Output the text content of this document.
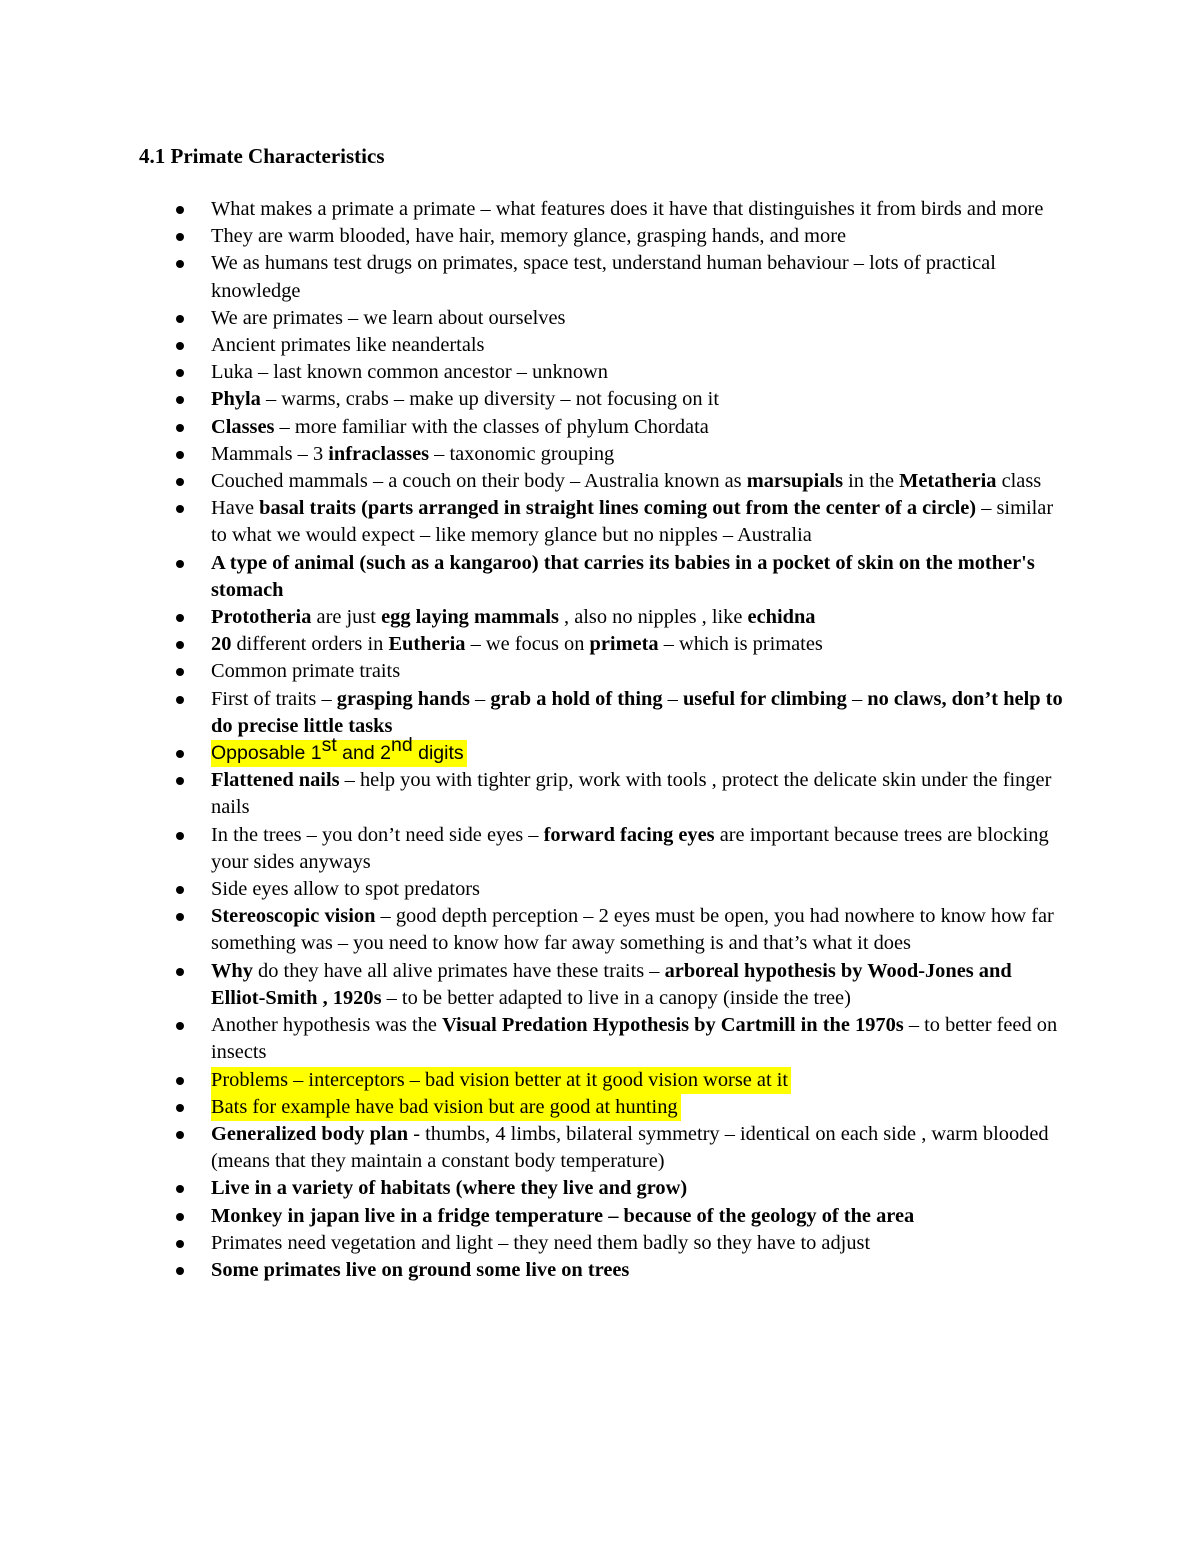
4.1 Primate Characteristics
What makes a primate a primate – what features does it have that distinguishes it from birds and more
They are warm blooded, have hair, memory glance, grasping hands, and more
We as humans test drugs on primates, space test, understand human behaviour – lots of practical knowledge
We are primates – we learn about ourselves
Ancient primates like neandertals
Luka – last known common ancestor – unknown
Phyla – warms, crabs – make up diversity – not focusing on it
Classes – more familiar with the classes of phylum Chordata
Mammals – 3 infraclasses – taxonomic grouping
Couched mammals – a couch on their body – Australia known as marsupials in the Metatheria class
Have basal traits (parts arranged in straight lines coming out from the center of a circle) – similar to what we would expect – like memory glance but no nipples – Australia
A type of animal (such as a kangaroo) that carries its babies in a pocket of skin on the mother's stomach
Prototheria are just egg laying mammals , also no nipples , like echidna
20 different orders in Eutheria – we focus on primeta – which is primates
Common primate traits
First of traits – grasping hands – grab a hold of thing – useful for climbing – no claws, don’t help to do precise little tasks
Opposable 1st and 2nd digits
Flattened nails – help you with tighter grip, work with tools , protect the delicate skin under the finger nails
In the trees – you don’t need side eyes – forward facing eyes are important because trees are blocking your sides anyways
Side eyes allow to spot predators
Stereoscopic vision – good depth perception – 2 eyes must be open, you had nowhere to know how far something was – you need to know how far away something is and that’s what it does
Why do they have all alive primates have these traits – arboreal hypothesis by Wood-Jones and Elliot-Smith , 1920s – to be better adapted to live in a canopy (inside the tree)
Another hypothesis was the Visual Predation Hypothesis by Cartmill in the 1970s – to better feed on insects
Problems – interceptors – bad vision better at it good vision worse at it
Bats for example have bad vision but are good at hunting
Generalized body plan - thumbs, 4 limbs, bilateral symmetry – identical on each side , warm blooded (means that they maintain a constant body temperature)
Live in a variety of habitats (where they live and grow)
Monkey in japan live in a fridge temperature – because of the geology of the area
Primates need vegetation and light – they need them badly so they have to adjust
Some primates live on ground some live on trees
